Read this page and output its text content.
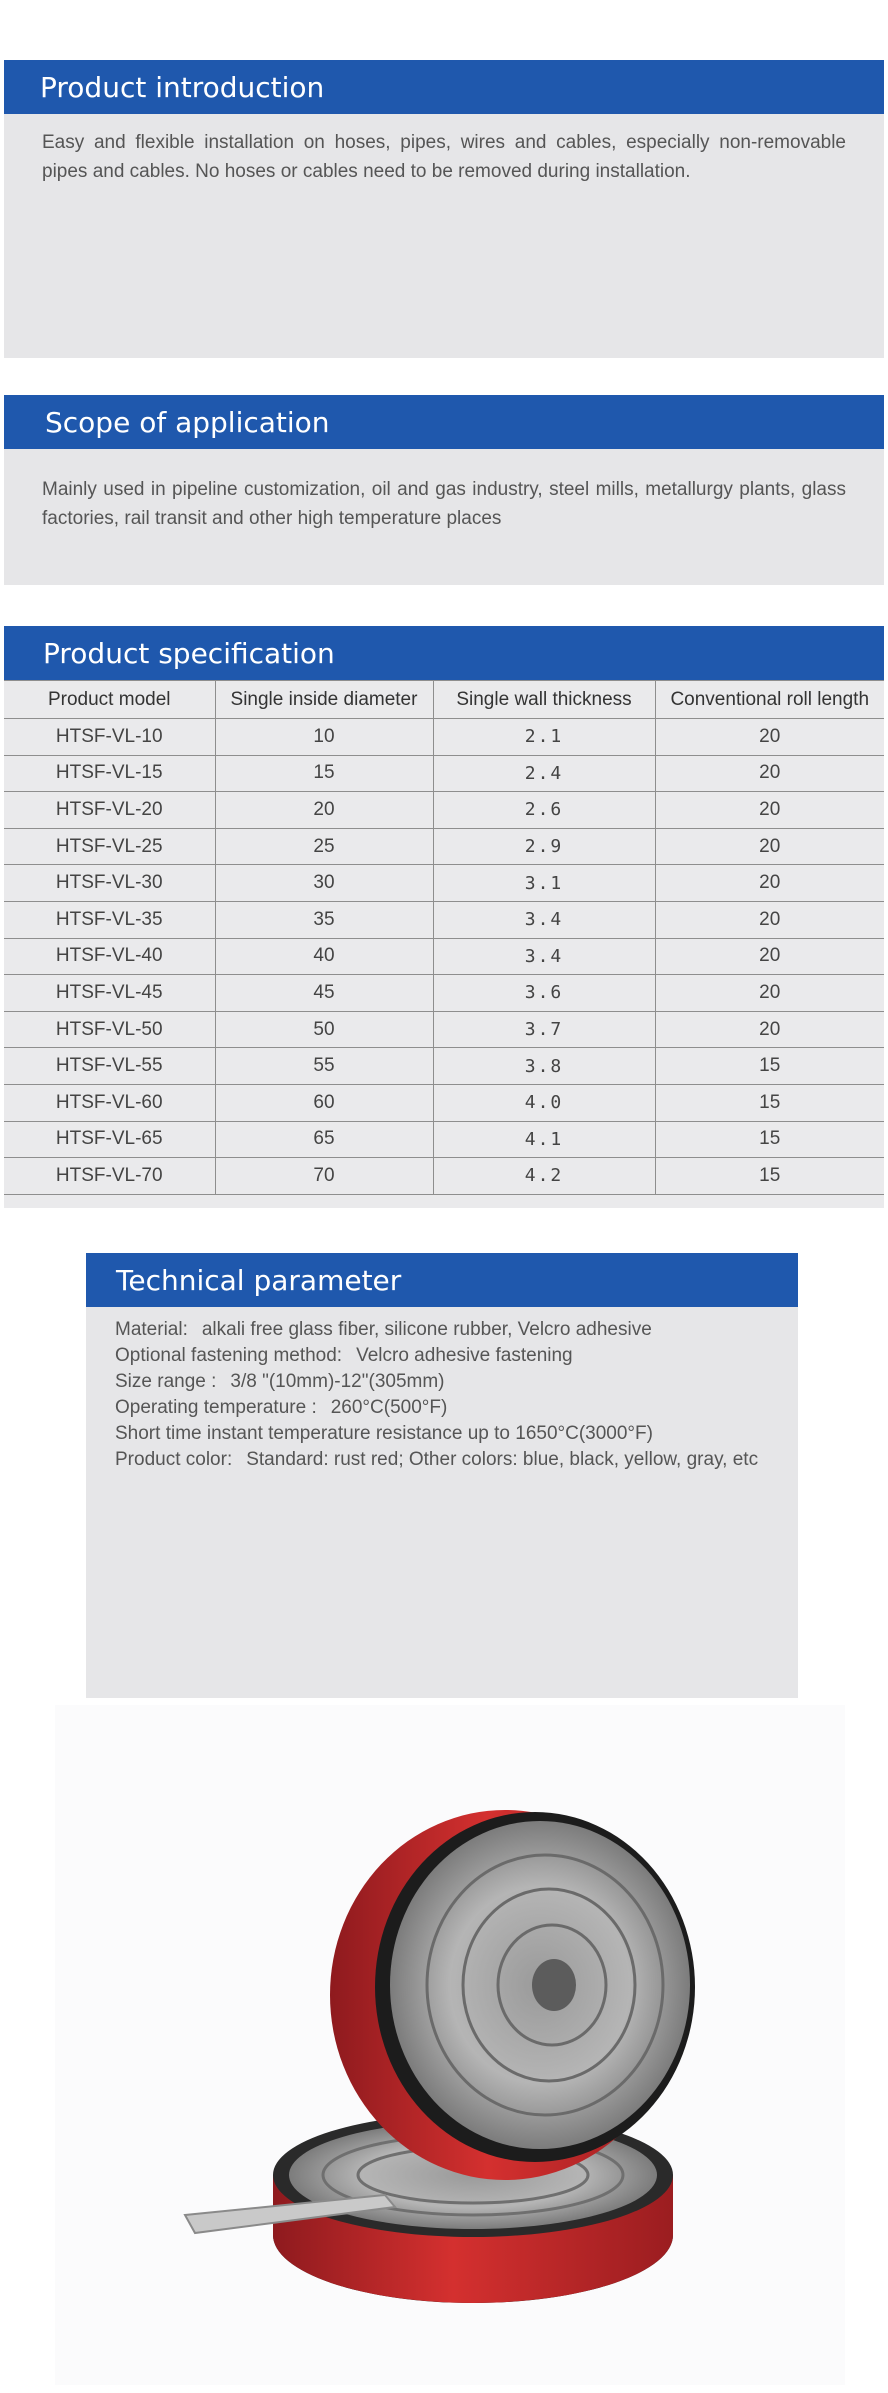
Product introduction
Easy and flexible installation on hoses, pipes, wires and cables, especially non-removable pipes and cables. No hoses or cables need to be removed during installation.
Scope of application
Mainly used in pipeline customization, oil and gas industry, steel mills, metallurgy plants, glass factories, rail transit and other high temperature places
Product specification
Product model	Single inside diameter	Single wall thickness	Conventional roll length
HTSF-VL-10	10	2.1	20
HTSF-VL-15	15	2.4	20
HTSF-VL-20	20	2.6	20
HTSF-VL-25	25	2.9	20
HTSF-VL-30	30	3.1	20
HTSF-VL-35	35	3.4	20
HTSF-VL-40	40	3.4	20
HTSF-VL-45	45	3.6	20
HTSF-VL-50	50	3.7	20
HTSF-VL-55	55	3.8	15
HTSF-VL-60	60	4.0	15
HTSF-VL-65	65	4.1	15
HTSF-VL-70	70	4.2	15
Technical parameter
Material: alkali free glass fiber, silicone rubber, Velcro adhesive
Optional fastening method: Velcro adhesive fastening
Size range : 3/8 "(10mm)-12"(305mm)
Operating temperature : 260°C(500°F)
Short time instant temperature resistance up to 1650°C(3000°F)
Product color: Standard: rust red; Other colors: blue, black, yellow, gray, etc
